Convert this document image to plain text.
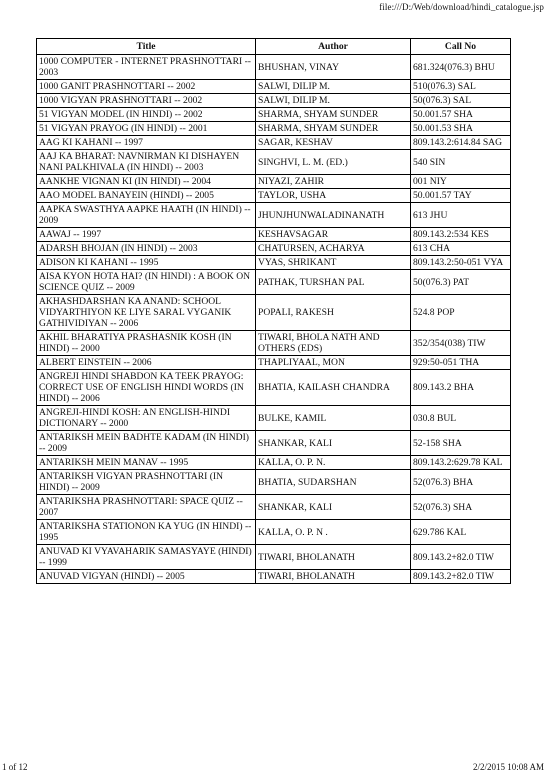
file:///D:/Web/download/hindi_catalogue.jsp
Title	Author	Call No
1000 COMPUTER - INTERNET PRASHNOTTARI -- 2003	BHUSHAN, VINAY	681.324(076.3) BHU
1000 GANIT PRASHNOTTARI -- 2002	SALWI, DILIP M.	510(076.3) SAL
1000 VIGYAN PRASHNOTTARI -- 2002	SALWI, DILIP M.	50(076.3) SAL
51 VIGYAN MODEL (IN HINDI) -- 2002	SHARMA, SHYAM SUNDER	50.001.57 SHA
51 VIGYAN PRAYOG (IN HINDI) -- 2001	SHARMA, SHYAM SUNDER	50.001.53 SHA
AAG KI KAHANI -- 1997	SAGAR, KESHAV	809.143.2:614.84 SAG
AAJ KA BHARAT: NAVNIRMAN KI DISHAYEN NANI PALKHIVALA (IN HINDI) -- 2003	SINGHVI, L. M. (ED.)	540 SIN
AANKHE VIGNAN KI (IN HINDI) -- 2004	NIYAZI, ZAHIR	001 NIY
AAO MODEL BANAYEIN (HINDI) -- 2005	TAYLOR, USHA	50.001.57 TAY
AAPKA SWASTHYA AAPKE HAATH (IN HINDI) -- 2009	JHUNJHUNWALADINANATH	613 JHU
AAWAJ -- 1997	KESHAVSAGAR	809.143.2:534 KES
ADARSH BHOJAN (IN HINDI) -- 2003	CHATURSEN, ACHARYA	613 CHA
ADISON KI KAHANI -- 1995	VYAS, SHRIKANT	809.143.2:50-051 VYA
AISA KYON HOTA HAI? (IN HINDI) : A BOOK ON SCIENCE QUIZ -- 2009	PATHAK, TURSHAN PAL	50(076.3) PAT
AKHASHDARSHAN KA ANAND: SCHOOL VIDYARTHIYON KE LIYE SARAL VYGANIK GATHIVIDIYAN -- 2006	POPALI, RAKESH	524.8 POP
AKHIL BHARATIYA PRASHASNIK KOSH (IN HINDI) -- 2000	TIWARI, BHOLA NATH AND OTHERS (EDS)	352/354(038) TIW
ALBERT EINSTEIN -- 2006	THAPLIYAAL, MON	929:50-051 THA
ANGREJI HINDI SHABDON KA TEEK PRAYOG: CORRECT USE OF ENGLISH HINDI WORDS (IN HINDI) -- 2006	BHATIA, KAILASH CHANDRA	809.143.2 BHA
ANGREJI-HINDI KOSH: AN ENGLISH-HINDI DICTIONARY -- 2000	BULKE, KAMIL	030.8 BUL
ANTARIKSH MEIN BADHTE KADAM (IN HINDI) -- 2009	SHANKAR, KALI	52-158 SHA
ANTARIKSH MEIN MANAV -- 1995	KALLA, O. P. N.	809.143.2:629.78 KAL
ANTARIKSH VIGYAN PRASHNOTTARI (IN HINDI) -- 2009	BHATIA, SUDARSHAN	52(076.3) BHA
ANTARIKSHA PRASHNOTTARI: SPACE QUIZ -- 2007	SHANKAR, KALI	52(076.3) SHA
ANTARIKSHA STATIONON KA YUG (IN HINDI) -- 1995	KALLA, O. P. N .	629.786 KAL
ANUVAD KI VYAVAHARIK SAMASYAYE (HINDI) -- 1999	TIWARI, BHOLANATH	809.143.2+82.0 TIW
ANUVAD VIGYAN (HINDI) -- 2005	TIWARI, BHOLANATH	809.143.2+82.0 TIW
1 of 12	2/2/2015 10:08 AM
